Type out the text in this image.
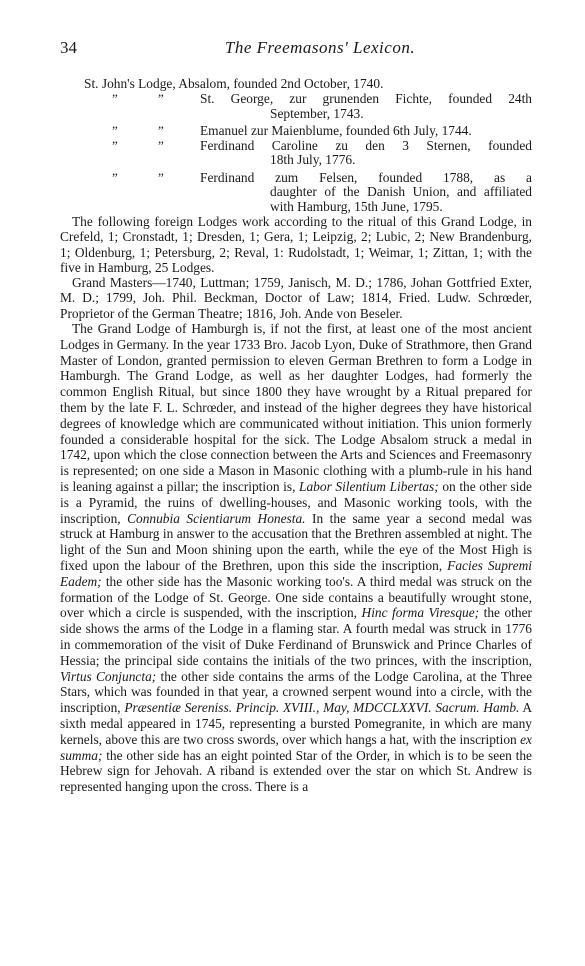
34	The Freemasons' Lexicon.
St. John's Lodge, Absalom, founded 2nd October, 1740.
”	”	St. George, zur grunenden Fichte, founded 24th
September, 1743.
”	”	Emanuel zur Maienblume, founded 6th July, 1744.
”	”	Ferdinand Caroline zu den 3 Sternen, founded
18th July, 1776.
”	”	Ferdinand zum Felsen, founded 1788, as a
daughter of the Danish Union, and affiliated
with Hamburg, 15th June, 1795.

The following foreign Lodges work according to the ritual of this Grand Lodge, in Crefeld, 1; Cronstadt, 1; Dresden, 1; Gera, 1; Leipzig, 2; Lubic, 2; New Brandenburg, 1; Oldenburg, 1; Petersburg, 2; Reval, 1: Rudolstadt, 1; Weimar, 1; Zittan, 1; with the five in Hamburg, 25 Lodges.

Grand Masters—1740, Luttman; 1759, Janisch, M. D.; 1786, Johan Gottfried Exter, M. D.; 1799, Joh. Phil. Beckman, Doctor of Law; 1814, Fried. Ludw. Schrœder, Proprietor of the German Theatre; 1816, Joh. Ande von Beseler.

The Grand Lodge of Hamburgh is, if not the first, at least one of the most ancient Lodges in Germany. In the year 1733 Bro. Jacob Lyon, Duke of Strathmore, then Grand Master of London, granted permission to eleven German Brethren to form a Lodge in Hamburgh. The Grand Lodge, as well as her daughter Lodges, had formerly the common English Ritual, but since 1800 they have wrought by a Ritual prepared for them by the late F. L. Schrœder, and instead of the higher degrees they have historical degrees of knowledge which are communicated without initiation. This union formerly founded a considerable hospital for the sick. The Lodge Absalom struck a medal in 1742, upon which the close connection between the Arts and Sciences and Freemasonry is represented; on one side a Mason in Masonic clothing with a plumb-rule in his hand is leaning against a pillar; the inscription is, Labor Silentium Libertas; on the other side is a Pyramid, the ruins of dwelling-houses, and Masonic working tools, with the inscription, Connubia Scientiarum Honesta. In the same year a second medal was struck at Hamburg in answer to the accusation that the Brethren assembled at night. The light of the Sun and Moon shining upon the earth, while the eye of the Most High is fixed upon the labour of the Brethren, upon this side the inscription, Facies Supremi Eadem; the other side has the Masonic working too's. A third medal was struck on the formation of the Lodge of St. George. One side contains a beautifully wrought stone, over which a circle is suspended, with the inscription, Hinc forma Viresque; the other side shows the arms of the Lodge in a flaming star. A fourth medal was struck in 1776 in commemoration of the visit of Duke Ferdinand of Brunswick and Prince Charles of Hessia; the principal side contains the initials of the two princes, with the inscription, Virtus Conjuncta; the other side contains the arms of the Lodge Carolina, at the Three Stars, which was founded in that year, a crowned serpent wound into a circle, with the inscription, Præsentiæ Sereniss. Princip. XVIII., May, MDCCLXXVI. Sacrum. Hamb. A sixth medal appeared in 1745, representing a bursted Pomegranite, in which are many kernels, above this are two cross swords, over which hangs a hat, with the inscription ex summa; the other side has an eight pointed Star of the Order, in which is to be seen the Hebrew sign for Jehovah. A riband is extended over the star on which St. Andrew is represented hanging upon the cross. There is a
